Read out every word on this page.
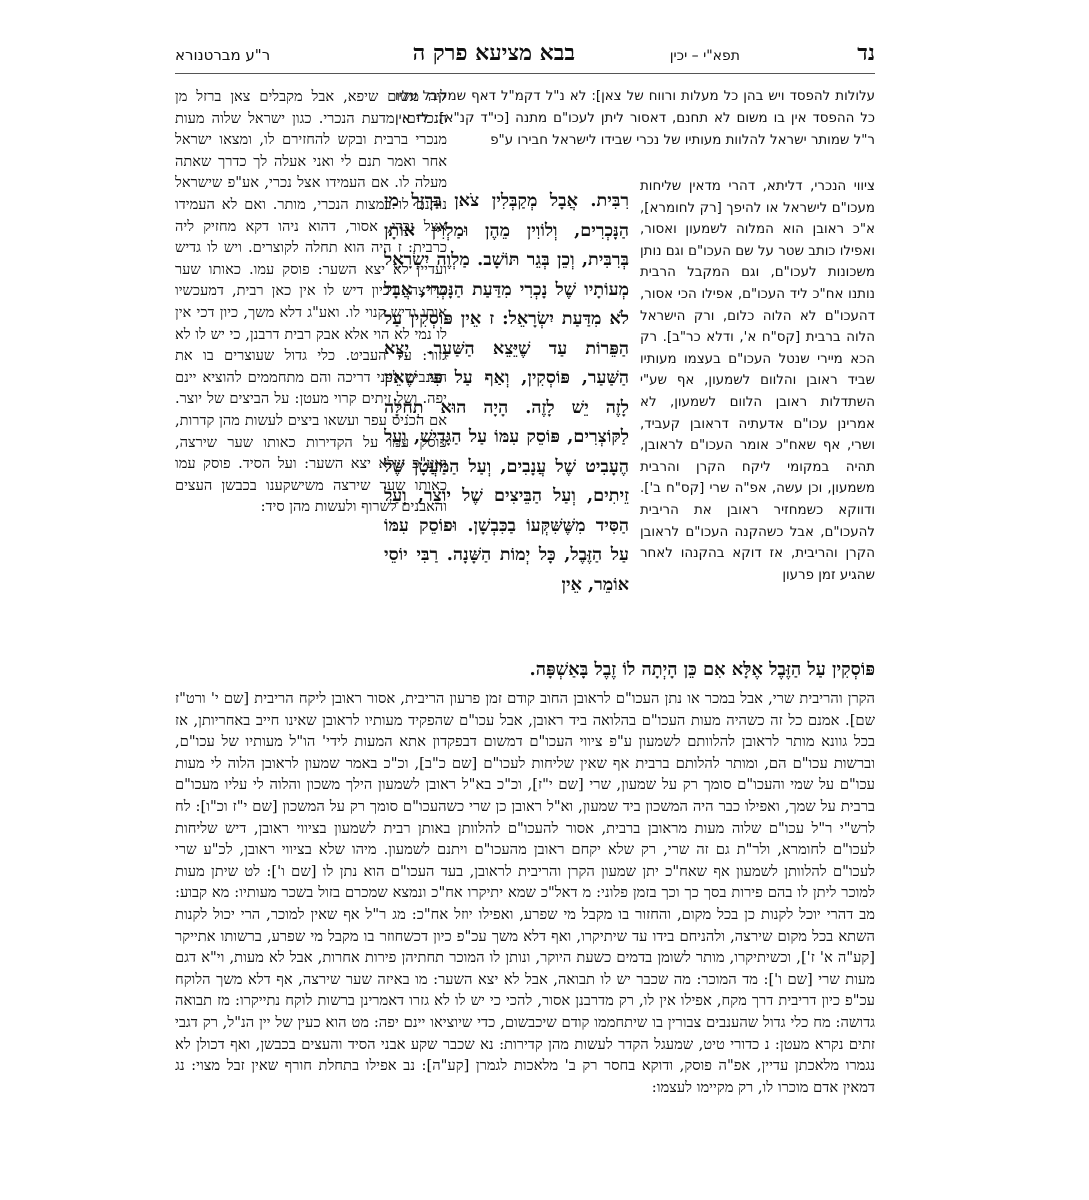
נד
תפא"י – יכין
בבא מציעא פרק ה
ר"ע מברטנורא

עלולות להפסד ויש בהן כל מעלות ורווח של צאן]: לא נ"ל דקמ"ל דאף שמקבל עליו כל ההפסד אין בו משום לא תחנם, דאסור ליתן לעכו"ם מתנה [כי"ד קנ"א]: לז אין ר"ל שמותר ישראל להלוות מעותיו של נכרי שבידו לישראל חבירו ע"פ

ציווי הנכרי, דליתא, דהרי מדאין שליחות מעכו"ם לישראל או להיפך [רק לחומרא], א"כ ראובן הוא המלוה לשמעון ואסור, ואפילו כותב שטר על שם העכו"ם וגם נותן משכונות לעכו"ם, וגם המקבל הרבית נותנו אח"כ ליד העכו"ם, אפילו הכי אסור, דהעכו"ם לא הלוה כלום, ורק הישראל הלוה ברבית [קס"ח א', ודלא כר"ב]. רק הכא מיירי שנטל העכו"ם בעצמו מעותיו שביד ראובן והלוום לשמעון, אף שע"י השתדלות ראובן הלוום לשמעון, לא אמרינן עכו"ם אדעתיה דראובן קעביד, ושרי, אף שאח"כ אומר העכו"ם לראובן, תהיה במקומי ליקח הקרן והרבית משמעון, וכן עשה, אפ"ה שרי [קס"ח ב']. ודווקא כשמחזיר ראובן את הריבית להעכו"ם, אבל כשהקנה העכו"ם לראובן הקרן והריבית, אז דוקא בהקנהו לאחר שהגיע זמן פרעון

רִבִּית. אֲבָל מְקַבְּלִין צֹאן בַּרְזֶל מִן הַנָּכְרִים, וְלוֹוִין מֵהֶן וּמַלְוִין אוֹתָן בְּרִבִּית, וְכֵן בְּגֵר תּוֹשָׁב. מַלְוֶה יִשְׂרָאֵל מְעוֹתָיו שֶׁל נָכְרִי מִדַּעַת הַנָּכְרִי, אֲבָל לֹא מִדַּעַת יִשְׂרָאֵל: ז אֵין פּוֹסְקִין עַל הַפֵּרוֹת עַד שֶׁיֵּצֵא הַשַּׁעַר. יָצָא הַשַּׁעַר, פּוֹסְקִין, וְאַף עַל פִּי שֶׁאֵין לָזֶה יֵשׁ לָזֶה. הָיָה הוּא תְחִלָּה לַקּוֹצְרִים, פּוֹסֵק עִמּוֹ עַל הַגָּדִישׁ, וְעַל הֶעָבִיט שֶׁל עֲנָבִים, וְעַל הַמַּעֲטָן שֶׁל זֵיתִים, וְעַל הַבֵּיצִים שֶׁל יוֹצֵר, וְעַל הַסִּיד מִשֶּׁשִּׁקְּעוֹ בַכִּבְשָׁן. וּפוֹסֵק עִמּוֹ עַל הַזֶּבֶל, כָּל יְמוֹת הַשָּׁנָה. רַבִּי יוֹסֵי אוֹמֵר, אֵין

פּוֹסְקִין עַל הַזֶּבֶל אֶלָּא אִם כֵּן הָיְתָה לוֹ זֶבֶל בָּאַשְׁפָּה.

ליה משום שיפא, אבל מקבלים צאן ברזל מן הנכרים: מדעת הנכרי. כגון ישראל שלוה מעות מנכרי ברבית ובקש להחזירם לו, ומצאו ישראל אחר ואמר תנם לי ואני אעלה לך כדרך שאתה מעלה לו. אם העמידו אצל נכרי, אע"פ שישראל נותנם לו במצות הנכרי, מותר. ואם לא העמידו אצל נכרי, אסור, דהוא ניהו דקא מחזיק ליה כרבית: ז היה הוא תחלה לקוצרים. ויש לו גדיש ועדיין לא יצא השער: פוסק עמו. כאותו שער שירצה. דכיון דיש לו אין כאן רבית, דמעכשיו אותו גדיש קנוי לו. ואע"ג דלא משך, כיון דכי אין לו נמי לא הוי אלא אבק רבית דרבנן, כי יש לו לא גזור: על העביט. כלי גדול שעוצרים בו את הענבים לפני דריכה והם מתחממים להוציא יינם יפה. ושל זיתים קרוי מעטן: על הביצים של יוצר. אם הכניס עפר ועשאו ביצים לעשות מהן קדרות, פוסק עמו על הקדירות כאותו שער שירצה, ואע"פ שלא יצא השער: ועל הסיד. פוסק עמו כאותו שער שירצה משישקענו בכבשן העצים והאבנים לשרוף ולעשות מהן סיד:

הקרן והריבית שרי, אבל במכר או נתן העכו"ם לראובן החוב קודם זמן פרעון הריבית, אסור ראובן ליקח הריבית [שם י' ורט"ז שם]. אמנם כל זה כשהיה מעות העכו"ם בהלואה ביד ראובן, אבל עכו"ם שהפקיד מעותיו לראובן שאינו חייב באחריותן, אז בכל גוונא מותר לראובן להלוותם לשמעון ע"פ ציווי העכו"ם דמשום דבפקדון אתא המעות לידי' הו"ל מעותיו של עכו"ם, וברשות עכו"ם הם, ומותר להלותם ברבית אף שאין שליחות לעכו"ם [שם כ"ב], וכ"כ באמר שמעון לראובן הלוה לי מעות עכו"ם על שמי והעכו"ם סומך רק על שמעון, שרי [שם י"ז], וכ"כ בא"ל ראובן לשמעון הילך משכון והלוה לי עליו מעכו"ם ברבית על שמך, ואפילו כבר היה המשכון ביד שמעון, וא"ל ראובן כן שרי כשהעכו"ם סומך רק על המשכון [שם י"ז וכ"ו]: לח לרש"י ר"ל עכו"ם שלוה מעות מראובן ברבית, אסור להעכו"ם להלוותן באותן רבית לשמעון בציווי ראובן, דיש שליחות לעכו"ם לחומרא, ולר"ת גם זה שרי, רק שלא יקחם ראובן מהעכו"ם ויתנם לשמעון. מיהו שלא בציווי ראובן, לכ"ע שרי לעכו"ם להלוותן לשמעון אף שאח"כ יתן שמעון הקרן והריבית לראובן, בעד העכו"ם הוא נתן לו [שם ו']: לט שיתן מעות למוכר ליתן לו בהם פירות בסך כך וכך בזמן פלוני: מ דאל"כ שמא יתיקרו אח"כ ונמצא שמכרם בזול בשכר מעותיו: מא קבוע: מב דהרי יוכל לקנות כן בכל מקום, והחזור בו מקבל מי שפרע, ואפילו יוזל אח"כ: מג ר"ל אף שאין למוכר, הרי יכול לקנות השתא בכל מקום שירצה, ולהניחם בידו עד שיתיקרו, ואף דלא משך עכ"פ כיון דכשחוזר בו מקבל מי שפרע, ברשותו אתייקר [קע"ה א' ז'], וכשיתיקרו, מותר לשומן בדמים כשעת היוקר, ונותן לו המוכר תחתיהן פירות אחרות, אבל לא מעות, וי"א דגם מעות שרי [שם ו']: מד המוכר: מה שכבר יש לו תבואה, אבל לא יצא השער: מו באיזה שער שירצה, אף דלא משך הלוקח עכ"פ כיון דריבית דרך מקח, אפילו אין לו, רק מדרבנן אסור, להכי כי יש לו לא גזרו דאמרינן ברשות לוקח נתייקרו: מז תבואה גדושה: מח כלי גדול שהענבים צבורין בו שיתחממו קודם שיכבשום, כדי שיוציאו יינם יפה: מט הוא כעין של יין הנ"ל, רק דגבי זתים נקרא מעטן: נ כדורי טיט, שמעגל הקדר לעשות מהן קדירות: נא שכבר שקע אבני הסיד והעצים בכבשן, ואף דכולן לא נגמרו מלאכתן עדיין, אפ"ה פוסק, ודוקא בחסר רק ב' מלאכות לגמרן [קע"ה]: נב אפילו בתחלת חורף שאין זבל מצוי: נג דמאין אדם מוכרו לו, רק מקיימו לעצמו:
